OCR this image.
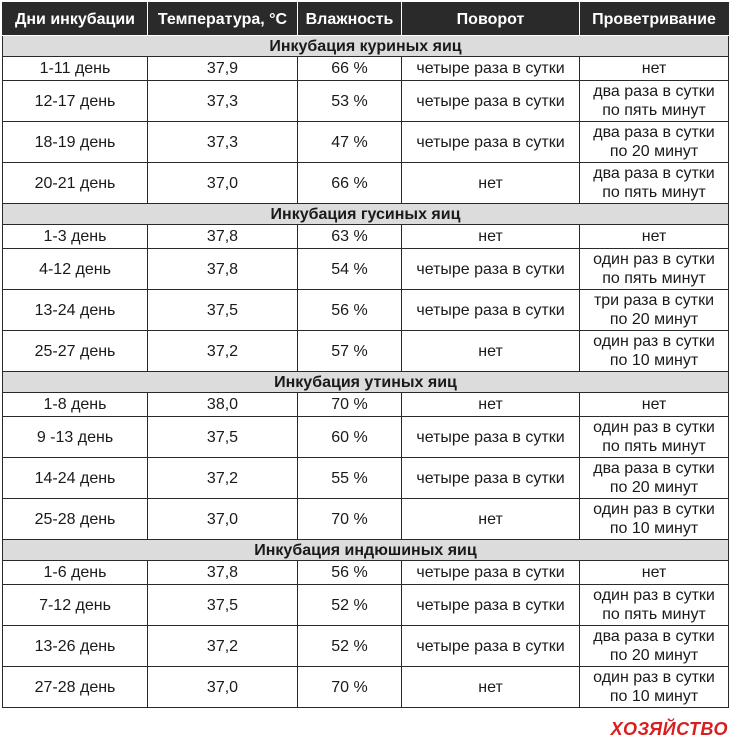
Дни инкубации	Температура, °С	Влажность	Поворот	Проветривание
Инкубация куриных яиц				
1-11 день	37,9	66 %	четыре раза в сутки	нет

12-17 день	37,3	53 %	четыре раза в сутки	два раза в сутки
по пять минут

18-19 день	37,3	47 %	четыре раза в сутки	два раза в сутки
по 20 минут

20-21 день	37,0	66 %	нет	два раза в сутки
по пять минут

Инкубация гусиных яиц				
1-3 день	37,8	63 %	нет	нет

4-12 день	37,8	54 %	четыре раза в сутки	один раз в сутки
по пять минут

13-24 день	37,5	56 %	четыре раза в сутки	три раза в сутки
по 20 минут

25-27 день	37,2	57 %	нет	один раз в сутки
по 10 минут

Инкубация утиных яиц				
1-8 день	38,0	70 %	нет	нет

9 -13 день	37,5	60 %	четыре раза в сутки	один раз в сутки
по пять минут

14-24 день	37,2	55 %	четыре раза в сутки	два раза в сутки
по 20 минут

25-28 день	37,0	70 %	нет	один раз в сутки
по 10 минут

Инкубация индюшиных яиц				
1-6 день	37,8	56 %	четыре раза в сутки	нет

7-12 день	37,5	52 %	четыре раза в сутки	один раз в сутки
по пять минут

13-26 день	37,2	52 %	четыре раза в сутки	два раза в сутки
по 20 минут

27-28 день	37,0	70 %	нет	один раз в сутки
по 10 минут
ХОЗЯЙСТВО
